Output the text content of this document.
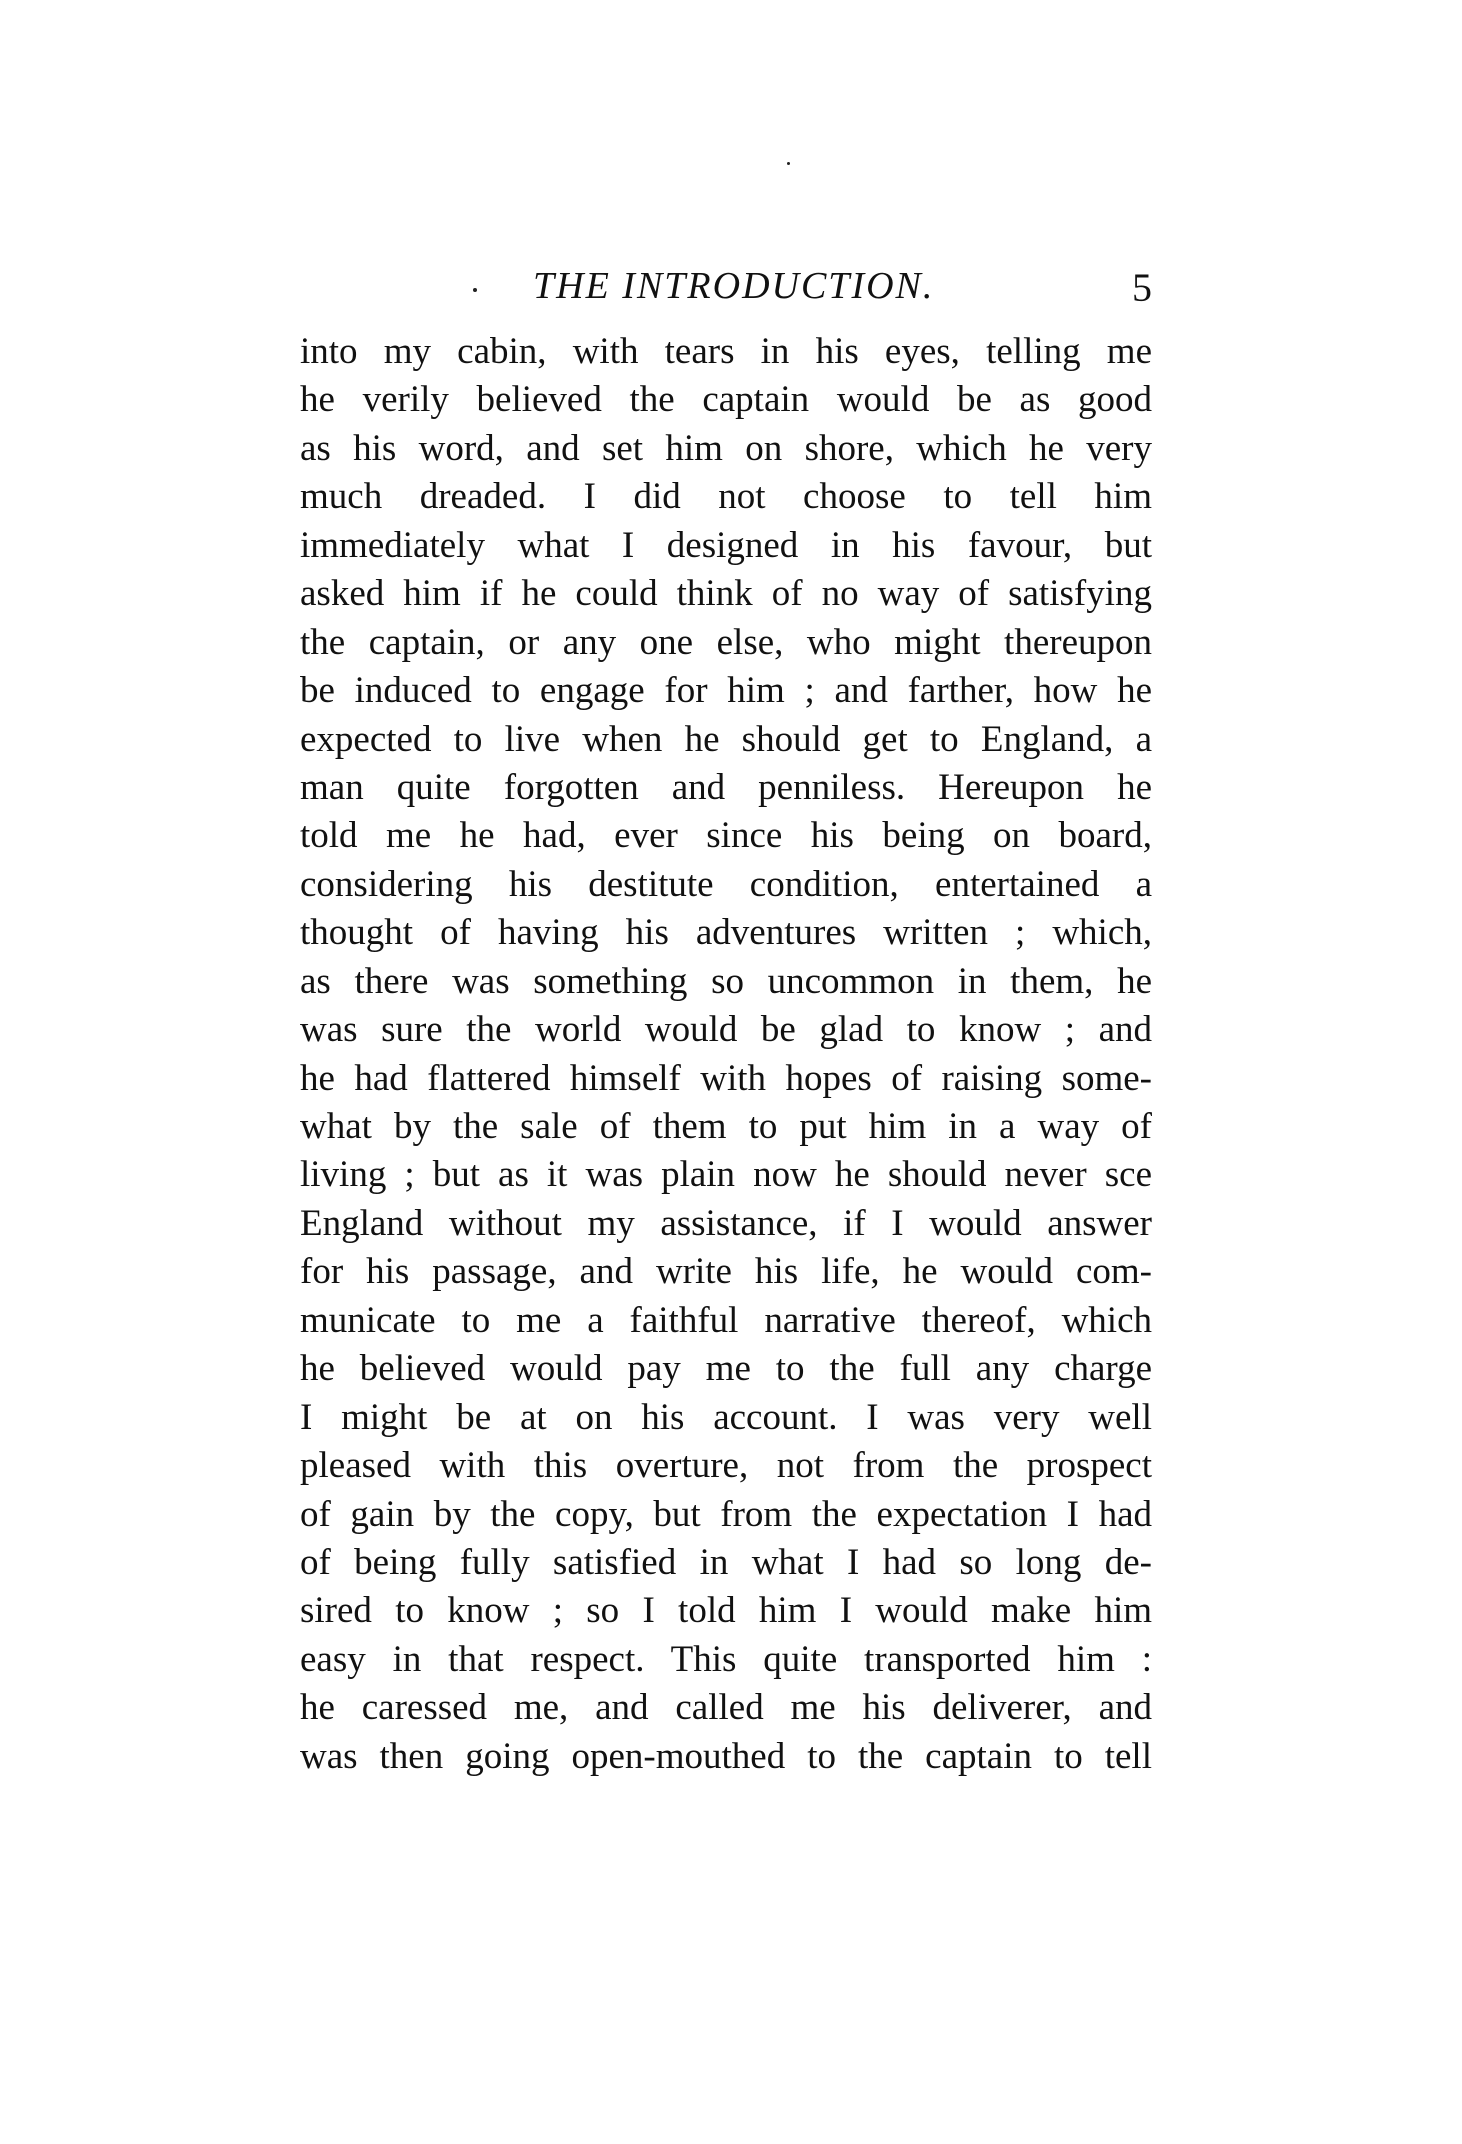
THE INTRODUCTION.	5
into my cabin, with tears in his eyes, telling me
he verily believed the captain would be as good
as his word, and set him on shore, which he very
much dreaded. I did not choose to tell him
immediately what I designed in his favour, but
asked him if he could think of no way of satisfying
the captain, or any one else, who might thereupon
be induced to engage for him ; and farther, how he
expected to live when he should get to England, a
man quite forgotten and penniless. Hereupon he
told me he had, ever since his being on board,
considering his destitute condition, entertained a
thought of having his adventures written ; which,
as there was something so uncommon in them, he
was sure the world would be glad to know ; and
he had flattered himself with hopes of raising some-
what by the sale of them to put him in a way of
living ; but as it was plain now he should never sce
England without my assistance, if I would answer
for his passage, and write his life, he would com-
municate to me a faithful narrative thereof, which
he believed would pay me to the full any charge
I might be at on his account. I was very well
pleased with this overture, not from the prospect
of gain by the copy, but from the expectation I had
of being fully satisfied in what I had so long de-
sired to know ; so I told him I would make him
easy in that respect. This quite transported him :
he caressed me, and called me his deliverer, and
was then going open-mouthed to the captain to tell
